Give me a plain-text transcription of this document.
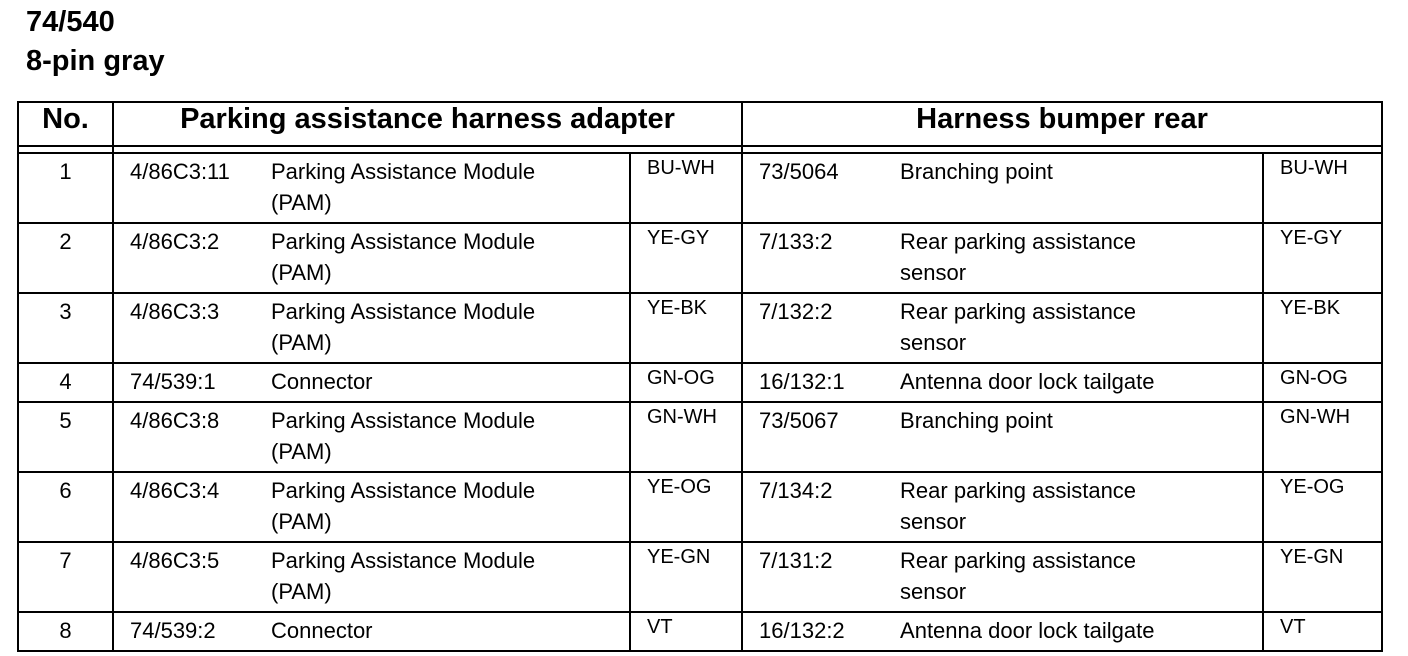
74/540
8-pin gray
No.	Parking assistance harness adapter			Harness bumper rear		

1	4/86C3:11	Parking Assistance Module
(PAM)	BU-WH	73/5064	Branching point	BU-WH

2	4/86C3:2	Parking Assistance Module
(PAM)	YE-GY	7/133:2	Rear parking assistance
sensor	YE-GY

3	4/86C3:3	Parking Assistance Module
(PAM)	YE-BK	7/132:2	Rear parking assistance
sensor	YE-BK

4	74/539:1	Connector	GN-OG	16/132:1	Antenna door lock tailgate	GN-OG

5	4/86C3:8	Parking Assistance Module
(PAM)	GN-WH	73/5067	Branching point	GN-WH

6	4/86C3:4	Parking Assistance Module
(PAM)	YE-OG	7/134:2	Rear parking assistance
sensor	YE-OG

7	4/86C3:5	Parking Assistance Module
(PAM)	YE-GN	7/131:2	Rear parking assistance
sensor	YE-GN

8	74/539:2	Connector	VT	16/132:2	Antenna door lock tailgate	VT
